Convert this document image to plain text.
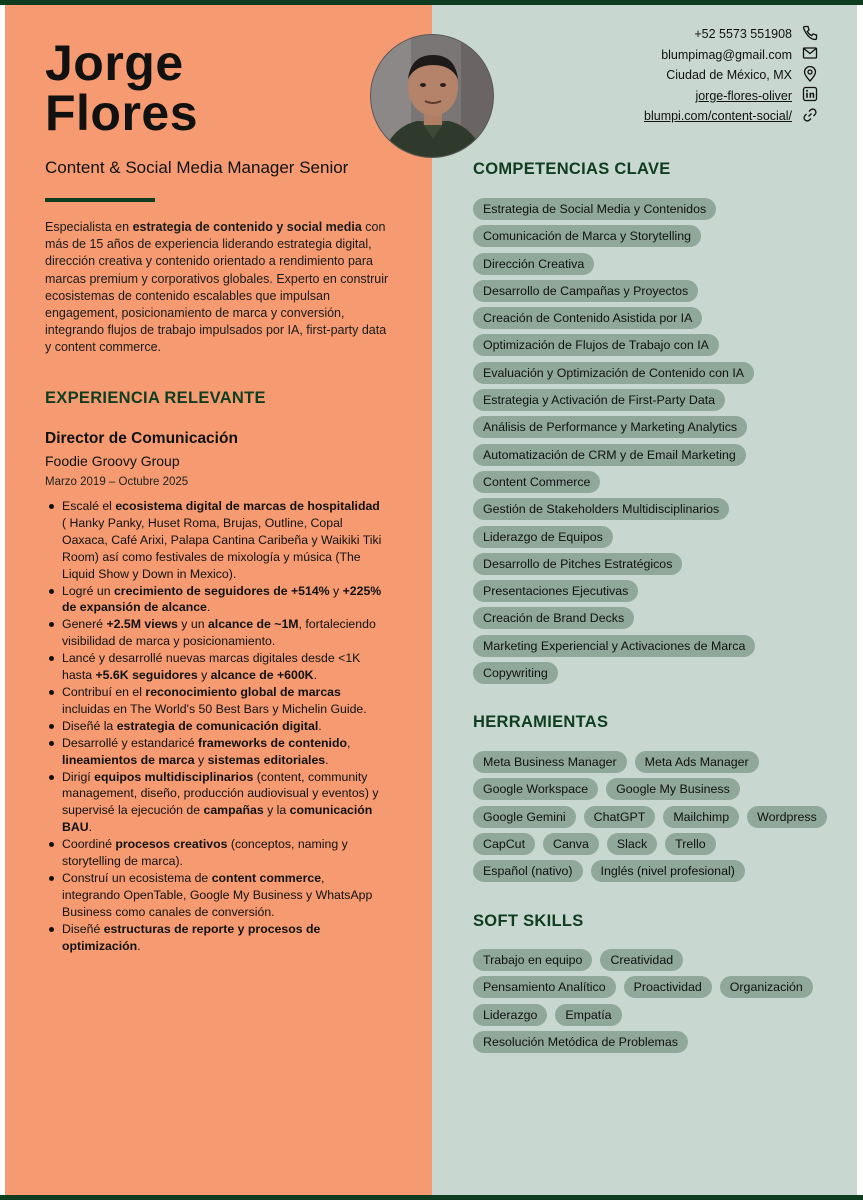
Jorge
Flores
Content & Social Media Manager Senior
Especialista en estrategia de contenido y social media con más de 15 años de experiencia liderando estrategia digital, dirección creativa y contenido orientado a rendimiento para marcas premium y corporativos globales. Experto en construir ecosistemas de contenido escalables que impulsan engagement, posicionamiento de marca y conversión, integrando flujos de trabajo impulsados por IA, first-party data y content commerce.
EXPERIENCIA RELEVANTE
Director de Comunicación
Foodie Groovy Group
Marzo 2019 – Octubre 2025
Escalé el ecosistema digital de marcas de hospitalidad ( Hanky Panky, Huset Roma, Brujas, Outline, Copal Oaxaca, Café Arixi, Palapa Cantina Caribeña y Waikiki Tiki Room) así como festivales de mixología y música (The Liquid Show y Down in Mexico).
Logré un crecimiento de seguidores de +514% y +225% de expansión de alcance.
Generé +2.5M views y un alcance de ~1M, fortaleciendo visibilidad de marca y posicionamiento.
Lancé y desarrollé nuevas marcas digitales desde <1K hasta +5.6K seguidores y alcance de +600K.
Contribuí en el reconocimiento global de marcas incluidas en The World's 50 Best Bars y Michelin Guide.
Diseñé la estrategia de comunicación digital.
Desarrollé y estandaricé frameworks de contenido, lineamientos de marca y sistemas editoriales.
Dirigí equipos multidisciplinarios (content, community management, diseño, producción audiovisual y eventos) y supervisé la ejecución de campañas y la comunicación BAU.
Coordiné procesos creativos (conceptos, naming y storytelling de marca).
Construí un ecosistema de content commerce, integrando OpenTable, Google My Business y WhatsApp Business como canales de conversión.
Diseñé estructuras de reporte y procesos de optimización.
+52 5573 551908
blumpimag@gmail.com
Ciudad de México, MX
jorge-flores-oliver
blumpi.com/content-social/
COMPETENCIAS CLAVE
Estrategia de Social Media y Contenidos
Comunicación de Marca y Storytelling
Dirección Creativa
Desarrollo de Campañas y Proyectos
Creación de Contenido Asistida por IA
Optimización de Flujos de Trabajo con IA
Evaluación y Optimización de Contenido con IA
Estrategia y Activación de First-Party Data
Análisis de Performance y Marketing Analytics
Automatización de CRM y de Email Marketing
Content Commerce
Gestión de Stakeholders Multidisciplinarios
Liderazgo de Equipos
Desarrollo de Pitches Estratégicos
Presentaciones Ejecutivas
Creación de Brand Decks
Marketing Experiencial y Activaciones de Marca
Copywriting
HERRAMIENTAS
Meta Business Manager	Meta Ads Manager
Google Workspace	Google My Business
Google Gemini	ChatGPT	Mailchimp	Wordpress
CapCut	Canva	Slack	Trello
Español (nativo)	Inglés (nivel profesional)
SOFT SKILLS
Trabajo en equipo	Creatividad
Pensamiento Analítico	Proactividad	Organización
Liderazgo	Empatía
Resolución Metódica de Problemas
